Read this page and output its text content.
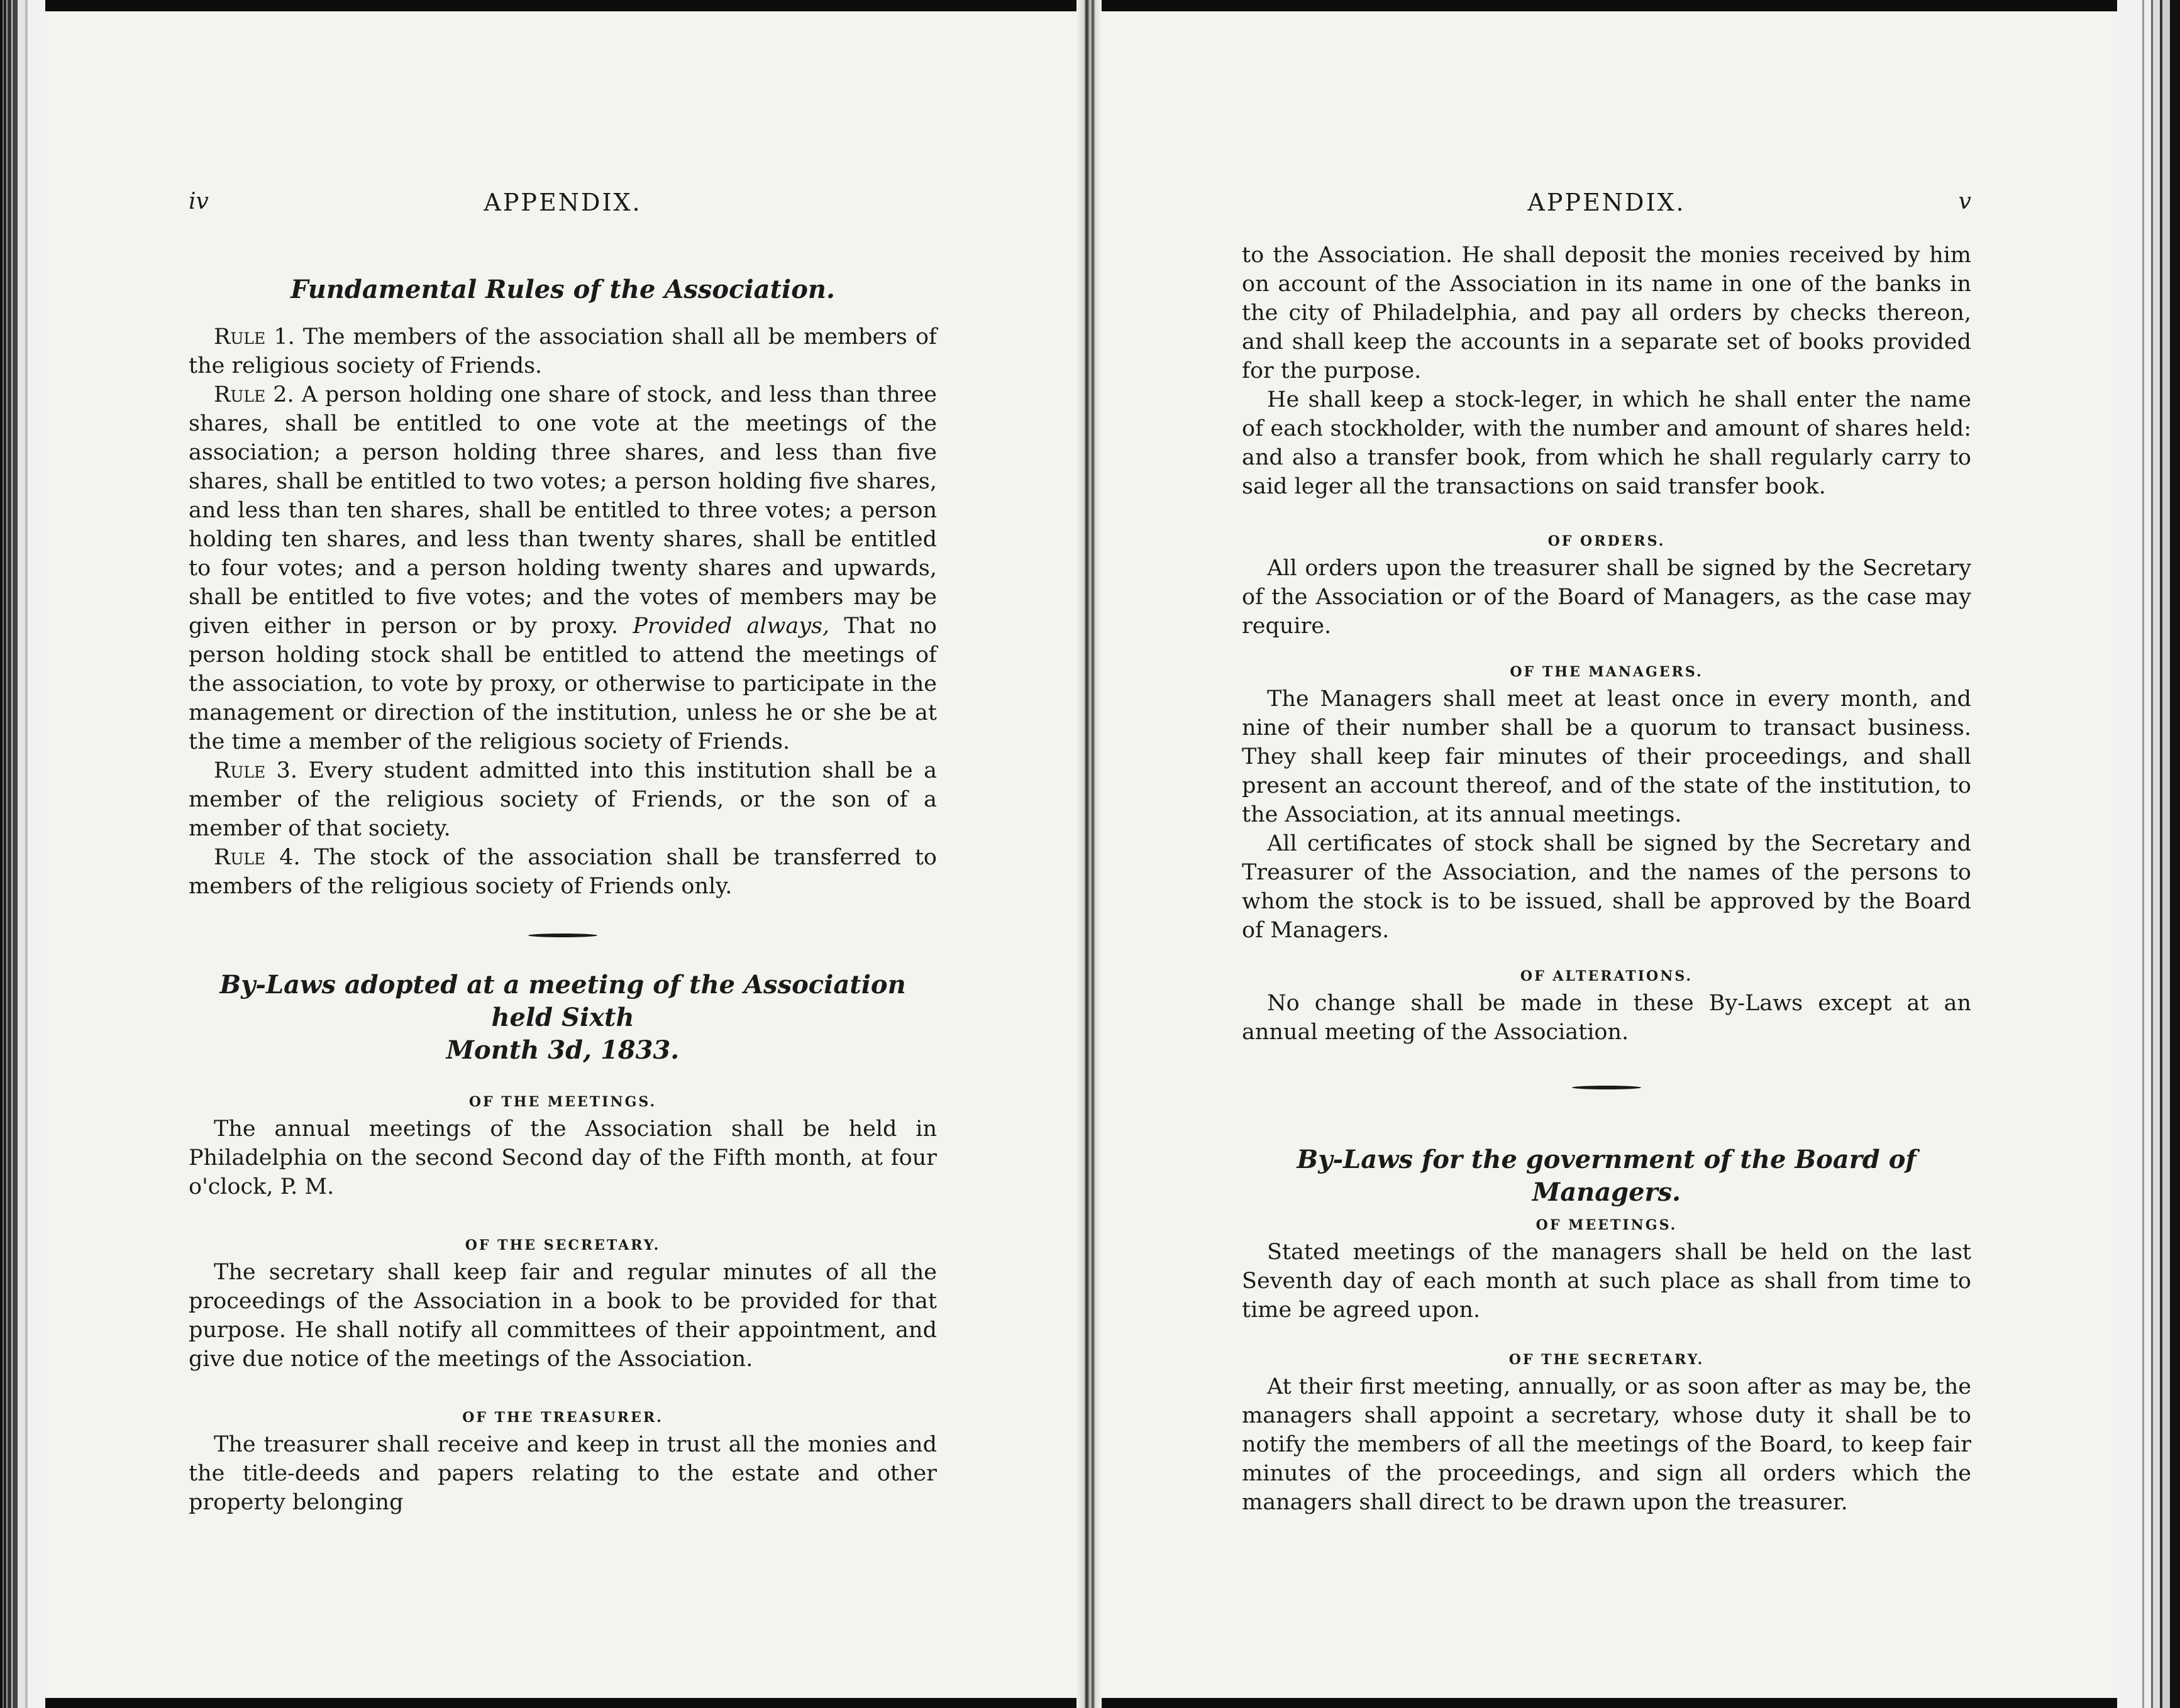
iv	APPENDIX.
Fundamental Rules of the Association.

Rule 1. The members of the association shall all be members of the religious society of Friends.

Rule 2. A person holding one share of stock, and less than three shares, shall be entitled to one vote at the meetings of the association; a person holding three shares, and less than five shares, shall be entitled to two votes; a person holding five shares, and less than ten shares, shall be entitled to three votes; a person holding ten shares, and less than twenty shares, shall be entitled to four votes; and a person holding twenty shares and upwards, shall be entitled to five votes; and the votes of members may be given either in person or by proxy. Provided always, That no person holding stock shall be entitled to attend the meetings of the association, to vote by proxy, or otherwise to participate in the management or direction of the institution, unless he or she be at the time a member of the religious society of Friends.

Rule 3. Every student admitted into this institution shall be a member of the religious society of Friends, or the son of a member of that society.

Rule 4. The stock of the association shall be transferred to members of the religious society of Friends only.

By-Laws adopted at a meeting of the Association held Sixth
Month 3d, 1833.
OF THE MEETINGS.

The annual meetings of the Association shall be held in Philadelphia on the second Second day of the Fifth month, at four o'clock, P. M.

OF THE SECRETARY.

The secretary shall keep fair and regular minutes of all the proceedings of the Association in a book to be provided for that purpose. He shall notify all committees of their appointment, and give due notice of the meetings of the Association.

OF THE TREASURER.

The treasurer shall receive and keep in trust all the monies and the title-deeds and papers relating to the estate and other property belonging

APPENDIX.	v

to the Association. He shall deposit the monies received by him on account of the Association in its name in one of the banks in the city of Philadelphia, and pay all orders by checks thereon, and shall keep the accounts in a separate set of books provided for the purpose.

He shall keep a stock-leger, in which he shall enter the name of each stockholder, with the number and amount of shares held: and also a transfer book, from which he shall regularly carry to said leger all the transactions on said transfer book.

OF ORDERS.

All orders upon the treasurer shall be signed by the Secretary of the Association or of the Board of Managers, as the case may require.

OF THE MANAGERS.

The Managers shall meet at least once in every month, and nine of their number shall be a quorum to transact business. They shall keep fair minutes of their proceedings, and shall present an account thereof, and of the state of the institution, to the Association, at its annual meetings.

All certificates of stock shall be signed by the Secretary and Treasurer of the Association, and the names of the persons to whom the stock is to be issued, shall be approved by the Board of Managers.

OF ALTERATIONS.

No change shall be made in these By-Laws except at an annual meeting of the Association.

By-Laws for the government of the Board of Managers.
OF MEETINGS.

Stated meetings of the managers shall be held on the last Seventh day of each month at such place as shall from time to time be agreed upon.

OF THE SECRETARY.

At their first meeting, annually, or as soon after as may be, the managers shall appoint a secretary, whose duty it shall be to notify the members of all the meetings of the Board, to keep fair minutes of the proceedings, and sign all orders which the managers shall direct to be drawn upon the treasurer.
